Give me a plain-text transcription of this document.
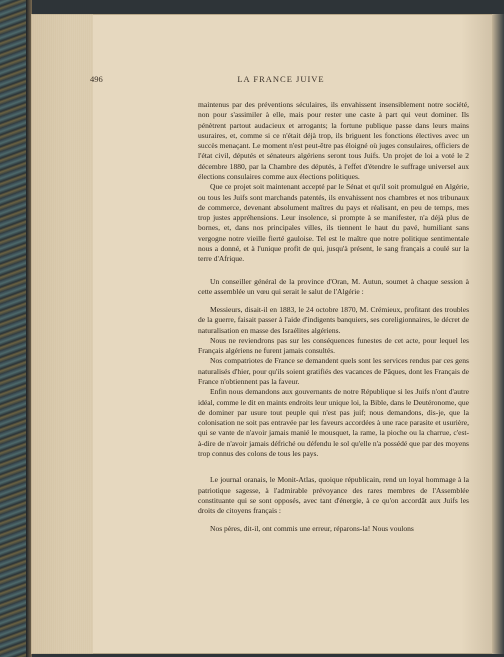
496	LA FRANCE JUIVE

maintenus par des préventions séculaires, ils envahissent insensiblement notre société, non pour s'assimiler à elle, mais pour rester une caste à part qui veut dominer. Ils pénètrent partout audacieux et arrogants; la fortune publique passe dans leurs mains usuraires, et, comme si ce n'était déjà trop, ils briguent les fonctions électives avec un succès menaçant. Le moment n'est peut-être pas éloigné où juges consulaires, officiers de l'état civil, députés et sénateurs algériens seront tous Juifs. Un projet de loi a voté le 2 décembre 1880, par la Chambre des députés, à l'effet d'étendre le suffrage universel aux élections consulaires comme aux élections politiques.

Que ce projet soit maintenant accepté par le Sénat et qu'il soit promulgué en Algérie, ou tous les Juifs sont marchands patentés, ils envahissent nos chambres et nos tribunaux de commerce, devenant absolument maîtres du pays et réalisant, en peu de temps, mes trop justes appréhensions. Leur insolence, si prompte à se manifester, n'a déjà plus de bornes, et, dans nos principales villes, ils tiennent le haut du pavé, humiliant sans vergogne notre vieille fierté gauloise. Tel est le maître que notre politique sentimentale nous a donné, et à l'unique profit de qui, jusqu'à présent, le sang français a coulé sur la terre d'Afrique.

Un conseiller général de la province d'Oran, M. Autun, soumet à chaque session à cette assemblée un vœu qui serait le salut de l'Algérie :

Messieurs, disait-il en 1883, le 24 octobre 1870, M. Crémieux, profitant des troubles de la guerre, faisait passer à l'aide d'indigents banquiers, ses coreligionnaires, le décret de naturalisation en masse des Israélites algériens.

Nous ne reviendrons pas sur les conséquences funestes de cet acte, pour lequel les Français algériens ne furent jamais consultés.

Nos compatriotes de France se demandent quels sont les services rendus par ces gens naturalisés d'hier, pour qu'ils soient gratifiés des vacances de Pâques, dont les Français de France n'obtiennent pas la faveur.

Enfin nous demandons aux gouvernants de notre République si les Juifs n'ont d'autre idéal, comme le dit en maints endroits leur unique loi, la Bible, dans le Deutéronome, que de dominer par usure tout peuple qui n'est pas juif; nous demandons, dis-je, que la colonisation ne soit pas entravée par les faveurs accordées à une race parasite et usurière, qui se vante de n'avoir jamais manié le mousquet, la rame, la pioche ou la charrue, c'est-à-dire de n'avoir jamais défriché ou défendu le sol qu'elle n'a possédé que par des moyens trop connus des colons de tous les pays.

Le journal oranais, le Monit-Atlas, quoique républicain, rend un loyal hommage à la patriotique sagesse, à l'admirable prévoyance des rares membres de l'Assemblée constituante qui se sont opposés, avec tant d'énergie, à ce qu'on accordât aux Juifs les droits de citoyens français :

Nos pères, dit-il, ont commis une erreur, réparons-la! Nous voulons
